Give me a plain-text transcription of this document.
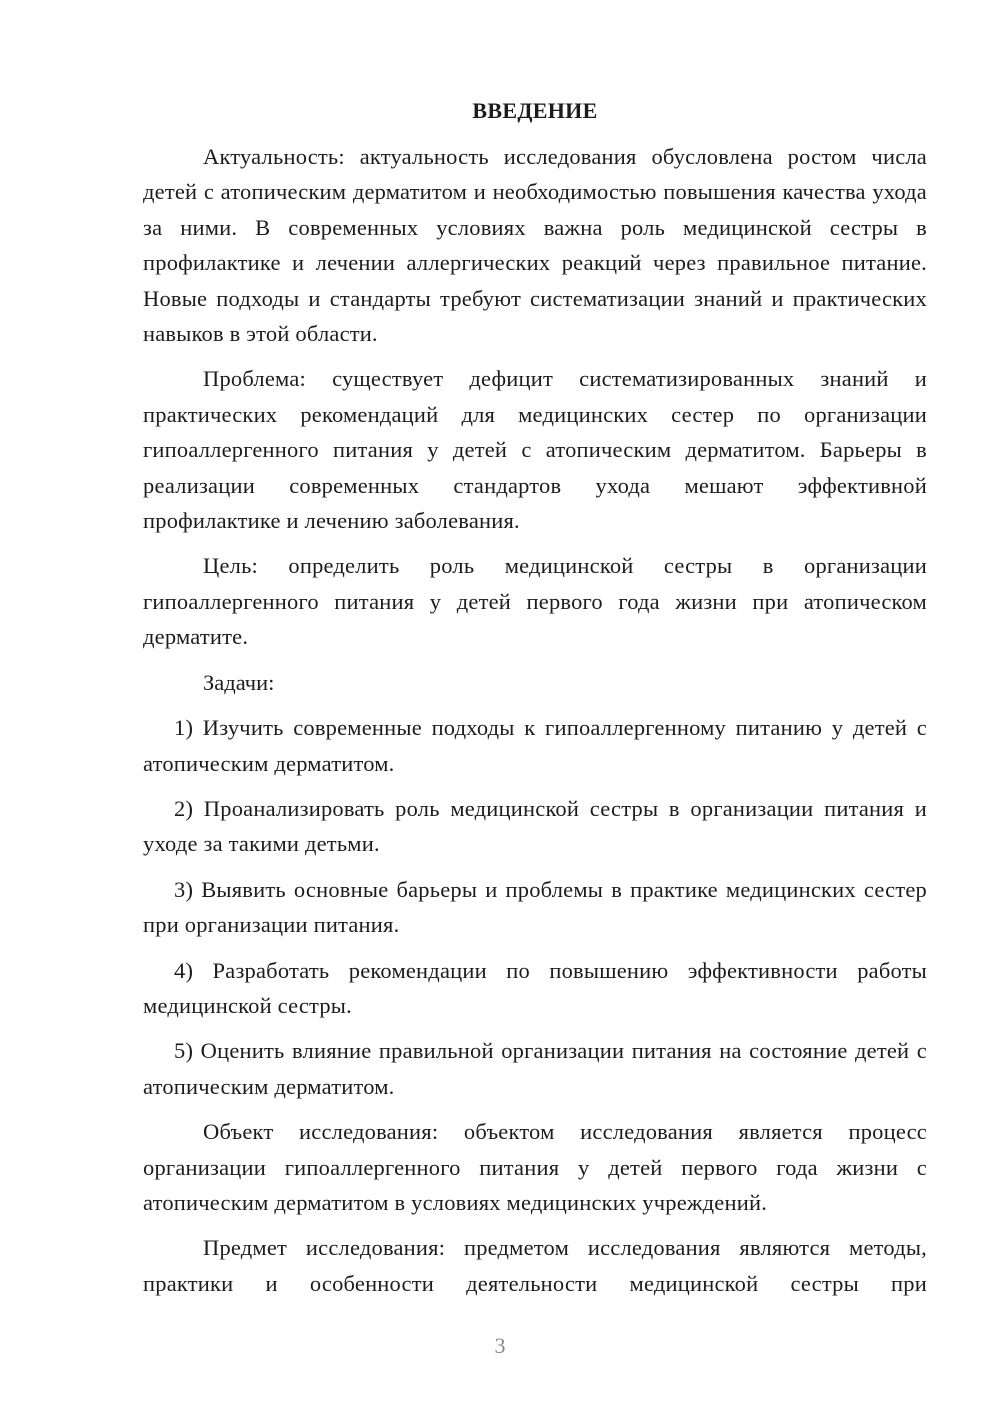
ВВЕДЕНИЕ

Актуальность: актуальность исследования обусловлена ростом числа детей с атопическим дерматитом и необходимостью повышения качества ухода за ними. В современных условиях важна роль медицинской сестры в профилактике и лечении аллергических реакций через правильное питание. Новые подходы и стандарты требуют систематизации знаний и практических навыков в этой области.

Проблема: существует дефицит систематизированных знаний и практических рекомендаций для медицинских сестер по организации гипоаллергенного питания у детей с атопическим дерматитом. Барьеры в реализации современных стандартов ухода мешают эффективной профилактике и лечению заболевания.

Цель: определить роль медицинской сестры в организации гипоаллергенного питания у детей первого года жизни при атопическом дерматите.

Задачи:

1) Изучить современные подходы к гипоаллергенному питанию у детей с атопическим дерматитом.

2) Проанализировать роль медицинской сестры в организации питания и уходе за такими детьми.

3) Выявить основные барьеры и проблемы в практике медицинских сестер при организации питания.

4) Разработать рекомендации по повышению эффективности работы медицинской сестры.

5) Оценить влияние правильной организации питания на состояние детей с атопическим дерматитом.

Объект исследования: объектом исследования является процесс организации гипоаллергенного питания у детей первого года жизни с атопическим дерматитом в условиях медицинских учреждений.

Предмет исследования: предметом исследования являются методы, практики и особенности деятельности медицинской сестры при

3
